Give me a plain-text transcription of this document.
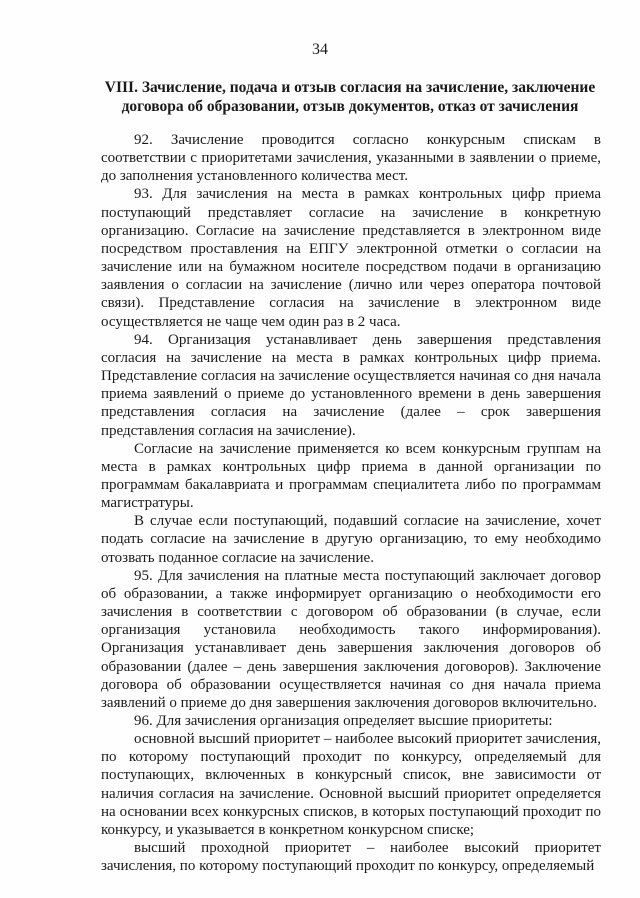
34
VIII. Зачисление, подача и отзыв согласия на зачисление, заключение договора об образовании, отзыв документов, отказ от зачисления

92. Зачисление проводится согласно конкурсным спискам в соответствии с приоритетами зачисления, указанными в заявлении о приеме, до заполнения установленного количества мест.

93. Для зачисления на места в рамках контрольных цифр приема поступающий представляет согласие на зачисление в конкретную организацию. Согласие на зачисление представляется в электронном виде посредством проставления на ЕПГУ электронной отметки о согласии на зачисление или на бумажном носителе посредством подачи в организацию заявления о согласии на зачисление (лично или через оператора почтовой связи). Представление согласия на зачисление в электронном виде осуществляется не чаще чем один раз в 2 часа.

94. Организация устанавливает день завершения представления согласия на зачисление на места в рамках контрольных цифр приема. Представление согласия на зачисление осуществляется начиная со дня начала приема заявлений о приеме до установленного времени в день завершения представления согласия на зачисление (далее – срок завершения представления согласия на зачисление).

Согласие на зачисление применяется ко всем конкурсным группам на места в рамках контрольных цифр приема в данной организации по программам бакалавриата и программам специалитета либо по программам магистратуры.

В случае если поступающий, подавший согласие на зачисление, хочет подать согласие на зачисление в другую организацию, то ему необходимо отозвать поданное согласие на зачисление.

95. Для зачисления на платные места поступающий заключает договор об образовании, а также информирует организацию о необходимости его зачисления в соответствии с договором об образовании (в случае, если организация установила необходимость такого информирования). Организация устанавливает день завершения заключения договоров об образовании (далее – день завершения заключения договоров). Заключение договора об образовании осуществляется начиная со дня начала приема заявлений о приеме до дня завершения заключения договоров включительно.

96. Для зачисления организация определяет высшие приоритеты:

основной высший приоритет – наиболее высокий приоритет зачисления, по которому поступающий проходит по конкурсу, определяемый для поступающих, включенных в конкурсный список, вне зависимости от наличия согласия на зачисление. Основной высший приоритет определяется на основании всех конкурсных списков, в которых поступающий проходит по конкурсу, и указывается в конкретном конкурсном списке;

высший проходной приоритет – наиболее высокий приоритет зачисления, по которому поступающий проходит по конкурсу, определяемый
